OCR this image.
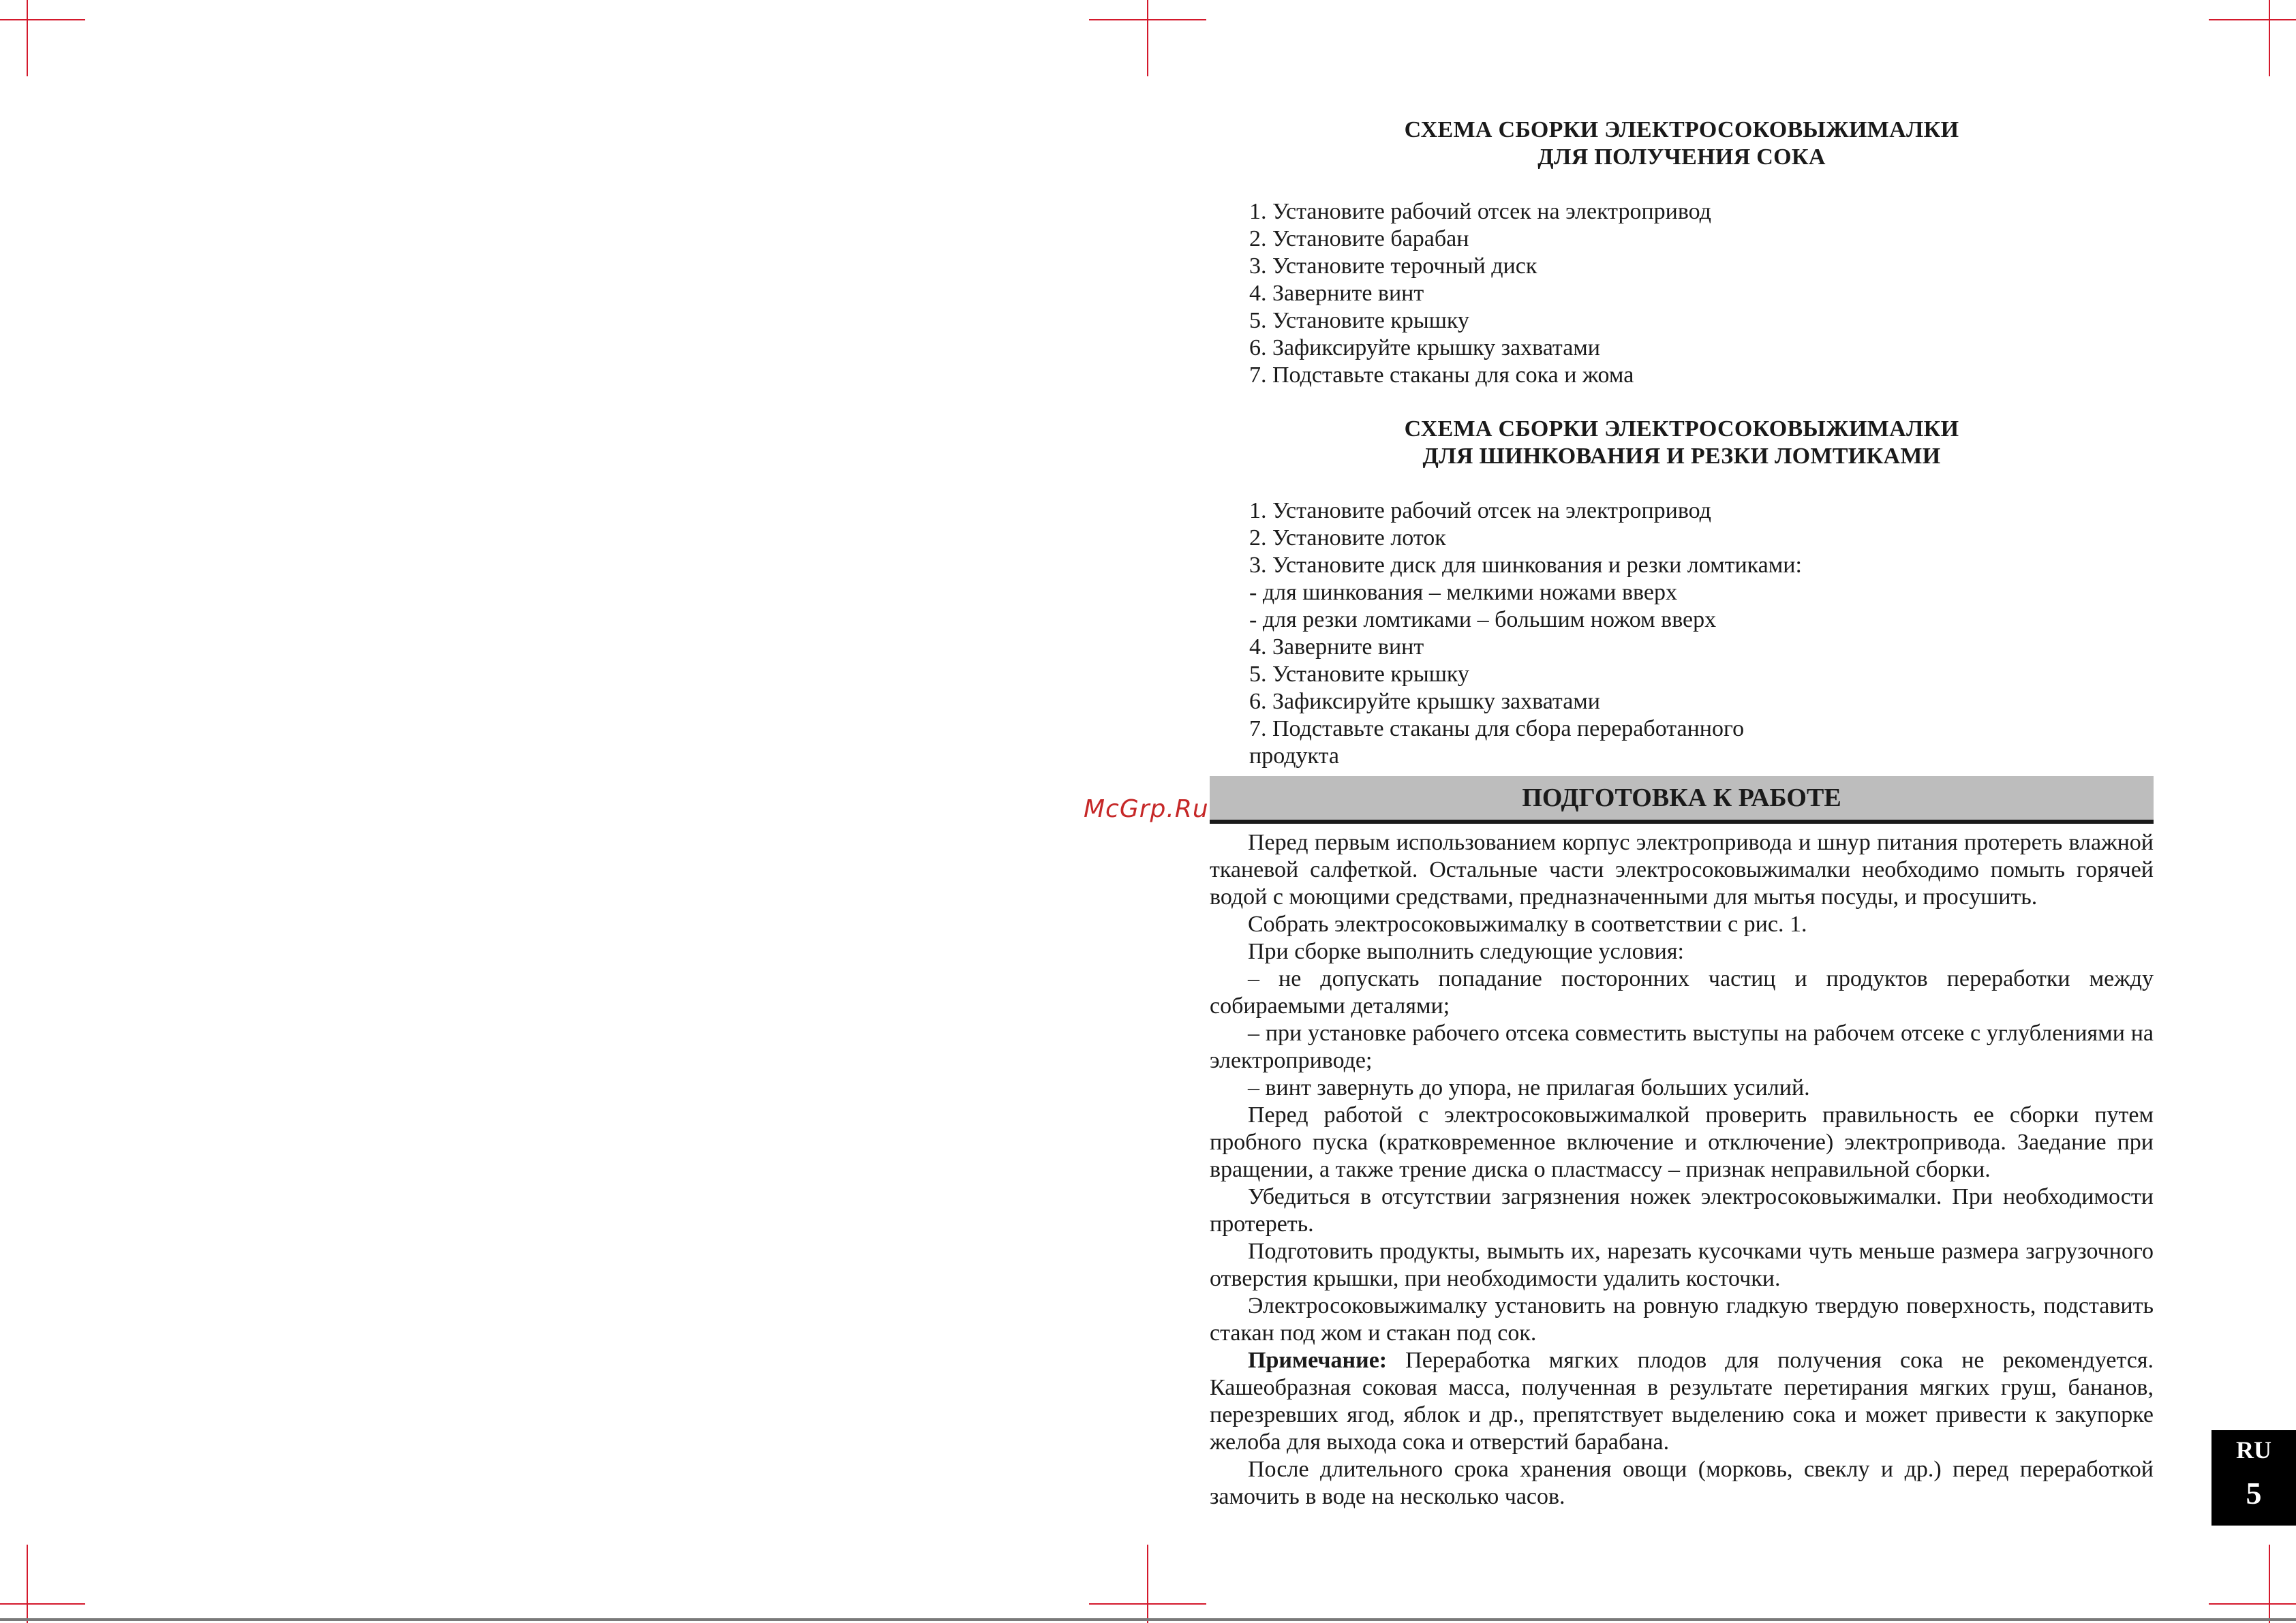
СХЕМА СБОРКИ ЭЛЕКТРОСОКОВЫЖИМАЛКИ
ДЛЯ ПОЛУЧЕНИЯ СОКА
1. Установите рабочий отсек на электропривод
2. Установите барабан
3. Установите терочный диск
4. Заверните винт
5. Установите крышку
6. Зафиксируйте крышку захватами
7. Подставьте стаканы для сока и жома
СХЕМА СБОРКИ ЭЛЕКТРОСОКОВЫЖИМАЛКИ
ДЛЯ ШИНКОВАНИЯ И РЕЗКИ ЛОМТИКАМИ
1. Установите рабочий отсек на электропривод
2. Установите лоток
3. Установите диск для шинкования и резки ломтиками:
- для шинкования – мелкими ножами вверх
- для резки ломтиками – большим ножом вверх
4. Заверните винт
5. Установите крышку
6. Зафиксируйте крышку захватами
7. Подставьте стаканы для сбора переработанного
продукта
ПОДГОТОВКА К РАБОТЕ
McGrp.Ru

Перед первым использованием корпус электропривода и шнур питания протереть влажной тканевой салфеткой. Остальные части электросоковыжималки необходимо помыть горячей водой с моющими средствами, предназначенными для мытья посуды, и просушить.

Собрать электросоковыжималку в соответствии с рис. 1.

При сборке выполнить следующие условия:

– не допускать попадание посторонних частиц и продуктов переработки между собираемыми деталями;

– при установке рабочего отсека совместить выступы на рабочем отсеке с углублениями на электроприводе;

– винт завернуть до упора, не прилагая больших усилий.

Перед работой с электросоковыжималкой проверить правильность ее сборки путем пробного пуска (кратковременное включение и отключение) электропривода. Заедание при вращении, а также трение диска о пластмассу – признак неправильной сборки.

Убедиться в отсутствии загрязнения ножек электросоковыжималки. При необходимости протереть.

Подготовить продукты, вымыть их, нарезать кусочками чуть меньше размера загрузочного отверстия крышки, при необходимости удалить косточки.

Электросоковыжималку установить на ровную гладкую твердую поверхность, подставить стакан под жом и стакан под сок.

Примечание: Переработка мягких плодов для получения сока не рекомендуется. Кашеобразная соковая масса, полученная в результате перетирания мягких груш, бананов, перезревших ягод, яблок и др., препятствует выделению сока и может привести к закупорке желоба для выхода сока и отверстий барабана.

После длительного срока хранения овощи (морковь, свеклу и др.) перед переработкой замочить в воде на несколько часов.

RU
5
